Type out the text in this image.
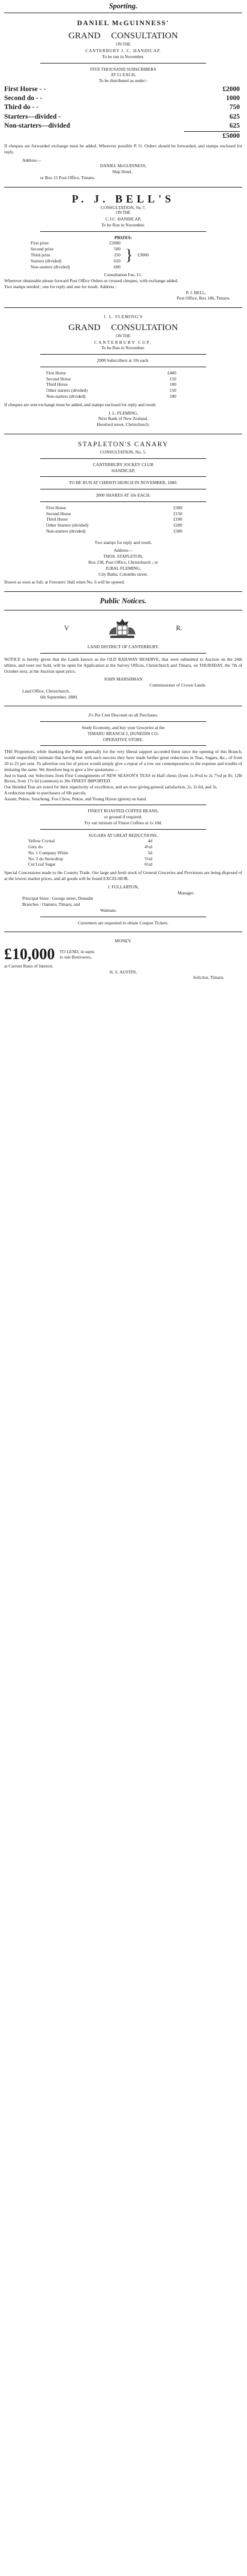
Sporting.
DANIEL McGUINNESS'
GRAND CONSULTATION
ON THE
CANTERBURY J. C. HANDICAP.
To be run in November.
FIVE THOUSAND SUBSCRIBERS
AT £1 EACH,
To be distributed as under:-
First Horse - -	£2000
Second do - -	1000
Third do - -	750
Starters—divided -	625
Non-starters—divided	625
£5000

If cheques are forwarded exchange must be added. Wherever possible P. O. Orders should be forwarded, and stamps enclosed for reply.

Address—
DANIEL McGUINNESS,
Ship Hotel,
or Box 15 Post Office, Timaru.
P. J. BELL'S
CONSULTATION, No 7,
ON THE
C.J.C. HANDICAP,
To be Run in November.
PRIZES:
First prize	£2000
Second prize	500
Third prize	250
Starters (divided)	650
Non-starters (divided)	600
	}	£3000
Consultation Fee, £1.

Wherever obtainable please forward Post Office Orders or crossed cheques, with exchange added.

Two stamps needed ; one for reply and one for result. Address :

P. J. BELL,
Post Office, Box 186, Timaru.
J. L. FLEMING'S
GRAND CONSULTATION
ON THE
CANTERBURY CUP,
To be Run in November.
2000 Subscribers at 10s each.
First Horse	£400
Second Horse	150
Third Horse	100
Other starters (divided)	150
Non-starters (divided)	200

If cheques are sent exchange must be added, and stamps enclosed for reply and result.

J. L. FLEMING,
Next Bank of New Zealand,
Hereford street, Christchurch.
STAPLETON'S CANARY
CONSULTATION, No. 5.
CANTERBURY JOCKEY CLUB
HANDICAP,
TO BE RUN AT CHRISTCHURCH IN NOVEMBER, 1880.
2000 SHARES AT 10s EACH.
First Horse	£300
Second Horse	£150
Third Horse	£100
Other Starters (divided)	£200
Non-starters (divided)	£300
Two stamps for reply and result.
Address—
THOS. STAPLETON,
Box 238, Post Office, Christchurch ; or
JUBAL FLEMING,
City Baths, Colombo street.

Drawn as soon as full, at Foresters' Hall when No. 6 will be opened.

Public Notices.
V	R.
LAND DISTRICT OF CANTERBURY.

NOTICE is hereby given that the Lands known as the OLD RAILWAY RESERVE, that were submitted to Auction on the 24th ultimo, and were not Sold, will be open for Application at the Survey Offices, Christchurch and Timaru, on THURSDAY, the 7th of October next, at the Auction upset price.

JOHN MARSHMAN
Commissioner of Crown Lands.
Land Office, Christchurch,
6th September, 1880.
2½ Per Cent Discount on all Purchases.
Study Economy, and buy your Groceries at the
TIMARU BRANCH 2, DUNEDIN CO-
OPERATIVE STORE.

THE Proprietors, while thanking the Public generally for the very liberal support accorded them since the opening of this Branch, would respectfully intimate that having met with such success they have made further great reductions in Teas, Sugars, &c., of from 20 to 25 per cent. To advertise our list of prices would simply give a repeat of a row our contemporaries to the expense and trouble of imitating the same. We therefore beg to give a few quotations:—

Just to hand, our Selections from First Consignments of NEW SEASON'S TEAS in Half chests (from 1s 8½d to 2s 7½d pr lb; 12lb Boxes, from 17s 6d (common) to 30s FINEST IMPORTED.

Our blended Teas are noted for their superiority of excellence, and are now giving general satisfaction, 2s, 2s 6d, and 3s.

A reduction made to purchasers of 6lb parcels.

Assam, Pekoe, Souchong, Foo Chow, Pekoe, and Young Hyson (green) on hand.

FINEST ROASTED COFFEE BEANS,
or ground if required.
Try our mixture of Finest Coffees at 1s 10d.
SUGARS AT GREAT REDUCTIONS.
Yellow Crystal	4d
Grey do	4½d
No. 1 Company White	5d
No. 2 do Snowdrop	5½d
Cut Loaf Sugar	6½d

Special Concessions made to the Country Trade. Our large and fresh stock of General Groceries and Provisions are being disposed of at the lowest market prices, and all goods will be found EXCELSIOR.

J. FULLARTON,
Manager.
Principal Store : George street, Dunedin
Branches : Oamaru, Timaru, and
Waimate.
Customers are requested to obtain Coupon Tickets.
MONEY.
£10,000 TO LEND, in sums
to suit Borrowers,
at Current Rates of Interest.
H. S. AUSTIN,
Solicitor, Timaru.
